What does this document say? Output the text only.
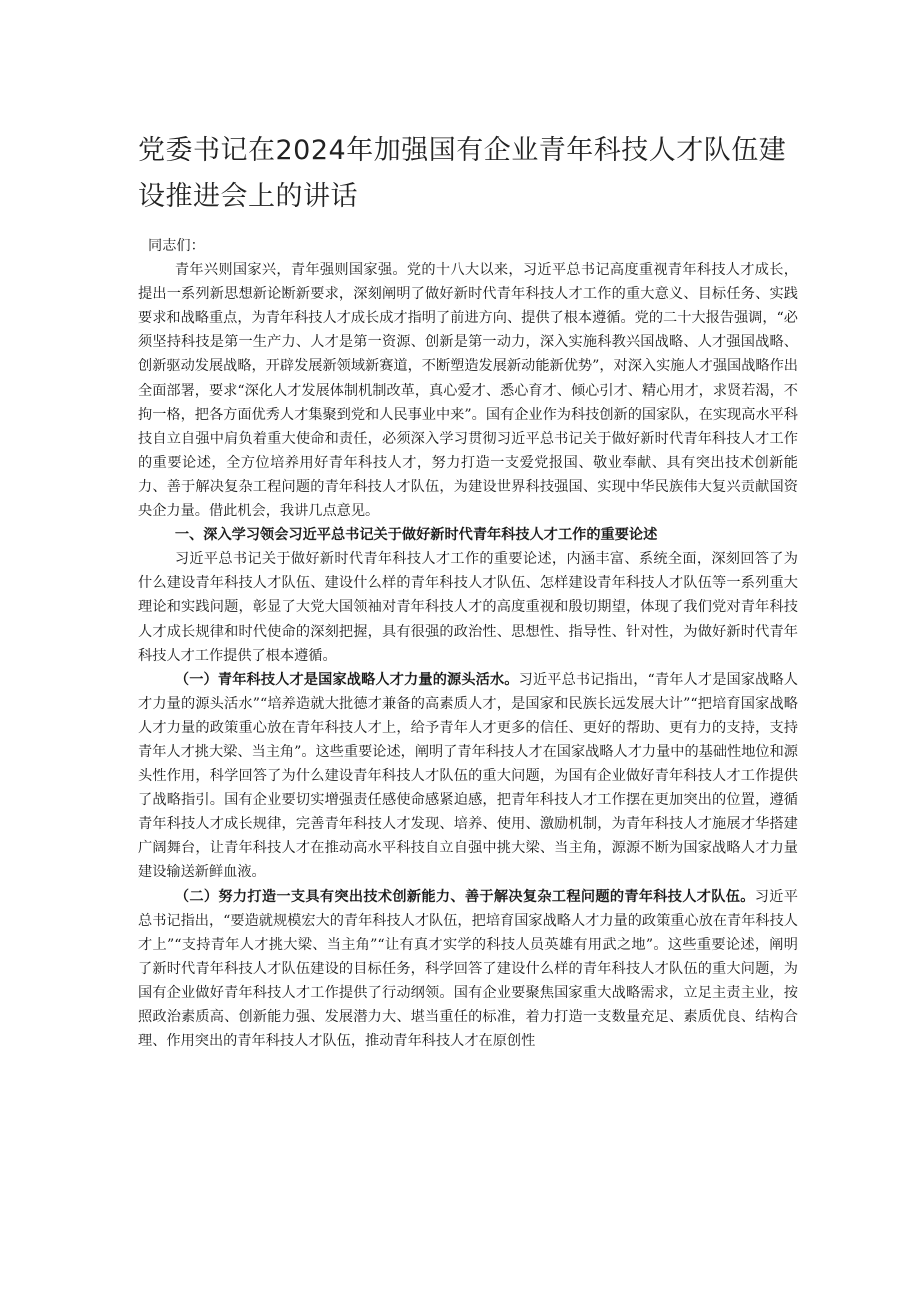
党委书记在2024年加强国有企业青年科技人才队伍建设推进会上的讲话

同志们：

青年兴则国家兴，青年强则国家强。党的十八大以来，习近平总书记高度重视青年科技人才成长，提出一系列新思想新论断新要求，深刻阐明了做好新时代青年科技人才工作的重大意义、目标任务、实践要求和战略重点，为青年科技人才成长成才指明了前进方向、提供了根本遵循。党的二十大报告强调，“必须坚持科技是第一生产力、人才是第一资源、创新是第一动力，深入实施科教兴国战略、人才强国战略、创新驱动发展战略，开辟发展新领域新赛道，不断塑造发展新动能新优势”，对深入实施人才强国战略作出全面部署，要求“深化人才发展体制机制改革，真心爱才、悉心育才、倾心引才、精心用才，求贤若渴，不拘一格，把各方面优秀人才集聚到党和人民事业中来”。国有企业作为科技创新的国家队，在实现高水平科技自立自强中肩负着重大使命和责任，必须深入学习贯彻习近平总书记关于做好新时代青年科技人才工作的重要论述，全方位培养用好青年科技人才，努力打造一支爱党报国、敬业奉献、具有突出技术创新能力、善于解决复杂工程问题的青年科技人才队伍，为建设世界科技强国、实现中华民族伟大复兴贡献国资央企力量。借此机会，我讲几点意见。

一、深入学习领会习近平总书记关于做好新时代青年科技人才工作的重要论述

习近平总书记关于做好新时代青年科技人才工作的重要论述，内涵丰富、系统全面，深刻回答了为什么建设青年科技人才队伍、建设什么样的青年科技人才队伍、怎样建设青年科技人才队伍等一系列重大理论和实践问题，彰显了大党大国领袖对青年科技人才的高度重视和殷切期望，体现了我们党对青年科技人才成长规律和时代使命的深刻把握，具有很强的政治性、思想性、指导性、针对性，为做好新时代青年科技人才工作提供了根本遵循。

（一）青年科技人才是国家战略人才力量的源头活水。习近平总书记指出，“青年人才是国家战略人才力量的源头活水”“培养造就大批德才兼备的高素质人才，是国家和民族长远发展大计”“把培育国家战略人才力量的政策重心放在青年科技人才上，给予青年人才更多的信任、更好的帮助、更有力的支持，支持青年人才挑大梁、当主角”。这些重要论述，阐明了青年科技人才在国家战略人才力量中的基础性地位和源头性作用，科学回答了为什么建设青年科技人才队伍的重大问题，为国有企业做好青年科技人才工作提供了战略指引。国有企业要切实增强责任感使命感紧迫感，把青年科技人才工作摆在更加突出的位置，遵循青年科技人才成长规律，完善青年科技人才发现、培养、使用、激励机制，为青年科技人才施展才华搭建广阔舞台，让青年科技人才在推动高水平科技自立自强中挑大梁、当主角，源源不断为国家战略人才力量建设输送新鲜血液。

（二）努力打造一支具有突出技术创新能力、善于解决复杂工程问题的青年科技人才队伍。习近平总书记指出，“要造就规模宏大的青年科技人才队伍，把培育国家战略人才力量的政策重心放在青年科技人才上”“支持青年人才挑大梁、当主角”“让有真才实学的科技人员英雄有用武之地”。这些重要论述，阐明了新时代青年科技人才队伍建设的目标任务，科学回答了建设什么样的青年科技人才队伍的重大问题，为国有企业做好青年科技人才工作提供了行动纲领。国有企业要聚焦国家重大战略需求，立足主责主业，按照政治素质高、创新能力强、发展潜力大、堪当重任的标准，着力打造一支数量充足、素质优良、结构合理、作用突出的青年科技人才队伍，推动青年科技人才在原创性
